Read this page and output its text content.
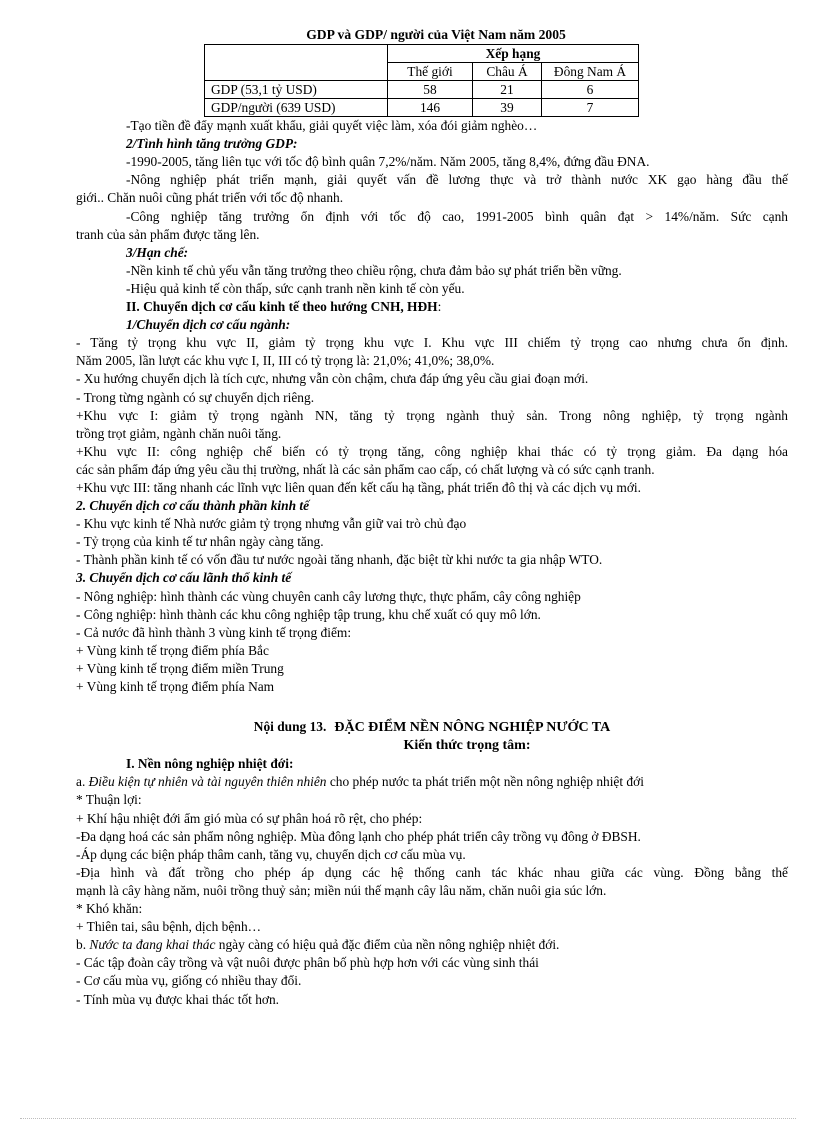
GDP và GDP/ người của Việt Nam năm 2005
	Xếp hạng		
	Thế giới	Châu Á	Đông Nam Á
GDP (53,1 tỷ USD)	58	21	6
GDP/người (639 USD)	146	39	7
-Tạo tiền đề đẩy mạnh xuất khẩu, giải quyết việc làm, xóa đói giảm nghèo…
2/Tình hình tăng trưởng GDP:
-1990-2005, tăng liên tục với tốc độ bình quân 7,2%/năm. Năm 2005, tăng 8,4%, đứng đầu ĐNA.
-Nông nghiệp phát triển mạnh, giải quyết vấn đề lương thực và trở thành nước XK gạo hàng đầu thế
giới.. Chăn nuôi cũng phát triển với tốc độ nhanh.
-Công nghiệp tăng trưởng ổn định với tốc độ cao, 1991-2005 bình quân đạt > 14%/năm. Sức cạnh
tranh của sản phẩm được tăng lên.
3/Hạn chế:
-Nền kinh tế chủ yếu vẫn tăng trưởng theo chiều rộng, chưa đảm bảo sự phát triển bền vững.
-Hiệu quả kinh tế còn thấp, sức cạnh tranh nền kinh tế còn yếu.
II. Chuyển dịch cơ cấu kinh tế theo hướng CNH, HĐH:
1/Chuyển dịch cơ cấu ngành:
- Tăng tỷ trọng khu vực II, giảm tỷ trọng khu vực I. Khu vực III chiếm tỷ trọng cao nhưng chưa ổn định.
Năm 2005, lần lượt các khu vực I, II, III có tỷ trọng là: 21,0%; 41,0%; 38,0%.
- Xu hướng chuyển dịch là tích cực, nhưng vẫn còn chậm, chưa đáp ứng yêu cầu giai đoạn mới.
- Trong từng ngành có sự chuyển dịch riêng.
+Khu vực I: giảm tỷ trọng ngành NN, tăng tỷ trọng ngành thuỷ sản. Trong nông nghiệp, tỷ trọng ngành
trồng trọt giảm, ngành chăn nuôi tăng.
+Khu vực II: công nghiệp chế biến có tỷ trọng tăng, công nghiệp khai thác có tỷ trọng giảm. Đa dạng hóa
các sản phẩm đáp ứng yêu cầu thị trường, nhất là các sản phẩm cao cấp, có chất lượng và có sức cạnh tranh.
+Khu vực III: tăng nhanh các lĩnh vực liên quan đến kết cấu hạ tầng, phát triển đô thị và các dịch vụ mới.
2. Chuyển dịch cơ cấu thành phần kinh tế
- Khu vực kinh tế Nhà nước giảm tỷ trọng nhưng vẫn giữ vai trò chủ đạo
- Tỷ trọng của kinh tế tư nhân ngày càng tăng.
- Thành phần kinh tế có vốn đầu tư nước ngoài tăng nhanh, đặc biệt từ khi nước ta gia nhập WTO.
3. Chuyển dịch cơ cấu lãnh thổ kinh tế
- Nông nghiệp: hình thành các vùng chuyên canh cây lương thực, thực phẩm, cây công nghiệp
- Công nghiệp: hình thành các khu công nghiệp tập trung, khu chế xuất có quy mô lớn.
- Cả nước đã hình thành 3 vùng kinh tế trọng điểm:
+ Vùng kinh tế trọng điểm phía Bắc
+ Vùng kinh tế trọng điểm miền Trung
+ Vùng kinh tế trọng điểm phía Nam
Nội dung 13. ĐẶC ĐIỂM NỀN NÔNG NGHIỆP NƯỚC TA
Kiến thức trọng tâm:
I. Nền nông nghiệp nhiệt đới:
a. Điều kiện tự nhiên và tài nguyên thiên nhiên cho phép nước ta phát triển một nền nông nghiệp nhiệt đới
* Thuận lợi:
+ Khí hậu nhiệt đới ẩm gió mùa có sự phân hoá rõ rệt, cho phép:
-Đa dạng hoá các sản phẩm nông nghiệp. Mùa đông lạnh cho phép phát triển cây trồng vụ đông ở ĐBSH.
-Áp dụng các biện pháp thâm canh, tăng vụ, chuyển dịch cơ cấu mùa vụ.
-Địa hình và đất trồng cho phép áp dụng các hệ thống canh tác khác nhau giữa các vùng. Đồng bằng thế
mạnh là cây hàng năm, nuôi trồng thuỷ sản; miền núi thế mạnh cây lâu năm, chăn nuôi gia súc lớn.
* Khó khăn:
+ Thiên tai, sâu bệnh, dịch bệnh…
b. Nước ta đang khai thác ngày càng có hiệu quả đặc điểm của nền nông nghiệp nhiệt đới.
- Các tập đoàn cây trồng và vật nuôi được phân bố phù hợp hơn với các vùng sinh thái
- Cơ cấu mùa vụ, giống có nhiều thay đổi.
- Tính mùa vụ được khai thác tốt hơn.
